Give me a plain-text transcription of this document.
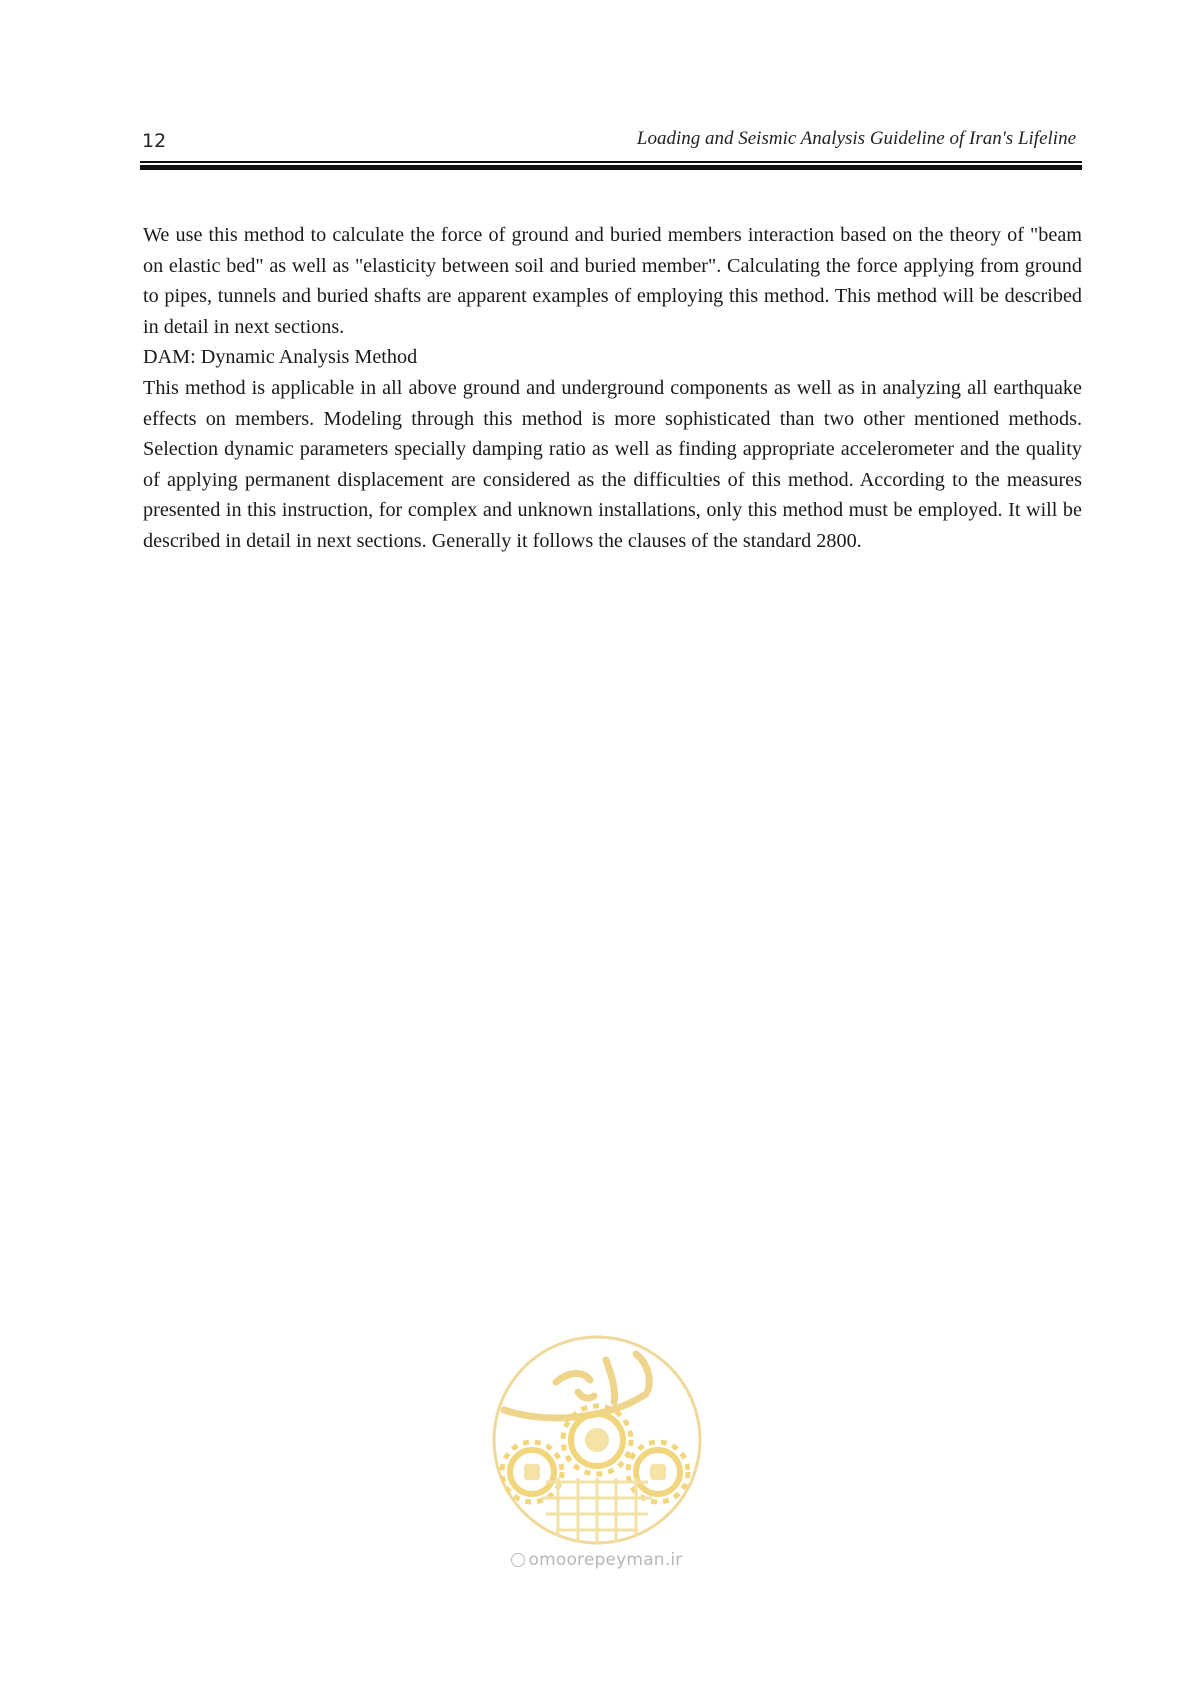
12	Loading and Seismic Analysis Guideline of Iran's Lifeline

We use this method to calculate the force of ground and buried members interaction based on the theory of "beam on elastic bed" as well as "elasticity between soil and buried member". Calculating the force applying from ground to pipes, tunnels and buried shafts are apparent examples of employing this method. This method will be described in detail in next sections.

DAM: Dynamic Analysis Method

This method is applicable in all above ground and underground components as well as in analyzing all earthquake effects on members. Modeling through this method is more sophisticated than two other mentioned methods. Selection dynamic parameters specially damping ratio as well as finding appropriate accelerometer and the quality of applying permanent displacement are considered as the difficulties of this method. According to the measures presented in this instruction, for complex and unknown installations, only this method must be employed. It will be described in detail in next sections. Generally it follows the clauses of the standard 2800.

omoorepeyman.ir
